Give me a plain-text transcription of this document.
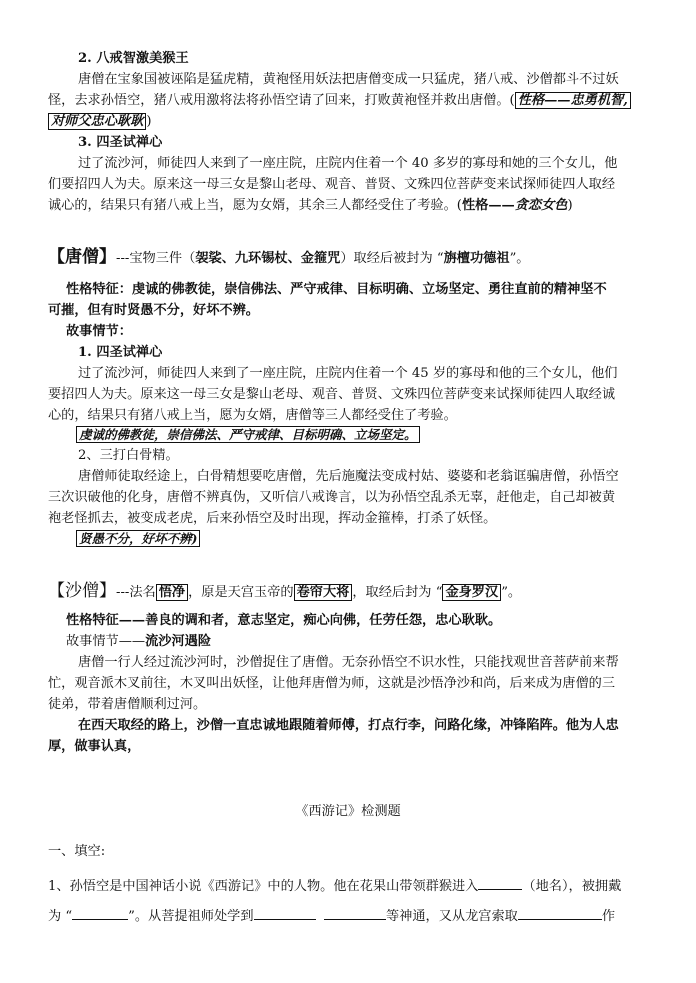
2. 八戒智激美猴王
唐僧在宝象国被诬陷是猛虎精，黄袍怪用妖法把唐僧变成一只猛虎，猪八戒、沙僧都斗不过妖
怪，去求孙悟空，猪八戒用激将法将孙悟空请了回来，打败黄袍怪并救出唐僧。( 性格——忠勇机智,
对师父忠心耿耿 )
3. 四圣试禅心
过了流沙河，师徒四人来到了一座庄院，庄院内住着一个 40 多岁的寡母和她的三个女儿，他
们要招四人为夫。原来这一母三女是黎山老母、观音、普贤、文殊四位菩萨变来试探师徒四人取经
诚心的，结果只有猪八戒上当，愿为女婿，其余三人都经受住了考验。(性格——贪恋女色)
【唐僧】---宝物三件（袈裟、九环锡杖、金箍咒）取经后被封为 “旃檀功德祖”。
性格特征：虔诚的佛教徒，崇信佛法、严守戒律、目标明确、立场坚定、勇往直前的精神坚不
可摧，但有时贤愚不分，好坏不辨。
故事情节：
1. 四圣试禅心
过了流沙河，师徒四人来到了一座庄院，庄院内住着一个 45 岁的寡母和他的三个女儿，他们
要招四人为夫。原来这一母三女是黎山老母、观音、普贤、文殊四位菩萨变来试探师徒四人取经诚
心的，结果只有猪八戒上当，愿为女婿，唐僧等三人都经受住了考验。
虔诚的佛教徒，崇信佛法、严守戒律、目标明确、立场坚定。
2、三打白骨精。
唐僧师徒取经途上，白骨精想要吃唐僧，先后施魔法变成村姑、婆婆和老翁诓骗唐僧，孙悟空
三次识破他的化身，唐僧不辨真伪，又听信八戒谗言，以为孙悟空乱杀无辜，赶他走，自己却被黄
袍老怪抓去，被变成老虎，后来孙悟空及时出现，挥动金箍棒，打杀了妖怪。
贤愚不分，好坏不辨)
【沙僧】---法名 悟净 ，原是天宫玉帝的 卷帘大将 ，取经后封为 “ 金身罗汉 ”。
性格特征——善良的调和者，意志坚定，痴心向佛，任劳任怨，忠心耿耿。
故事情节——流沙河遇险
唐僧一行人经过流沙河时，沙僧捉住了唐僧。无奈孙悟空不识水性，只能找观世音菩萨前来帮
忙，观音派木叉前往，木叉叫出妖怪，让他拜唐僧为师，这就是沙悟净沙和尚，后来成为唐僧的三
徒弟，带着唐僧顺利过河。
在西天取经的路上，沙僧一直忠诚地跟随着师傅，打点行李，问路化缘，冲锋陷阵。他为人忠
厚，做事认真，
《西游记》检测题
一、填空:
1、孙悟空是中国神话小说《西游记》中的人物。他在花果山带领群猴进入	（地名），被拥戴
为 “	”。从菩提祖师处学到	等神通，又从龙宫索取	作
